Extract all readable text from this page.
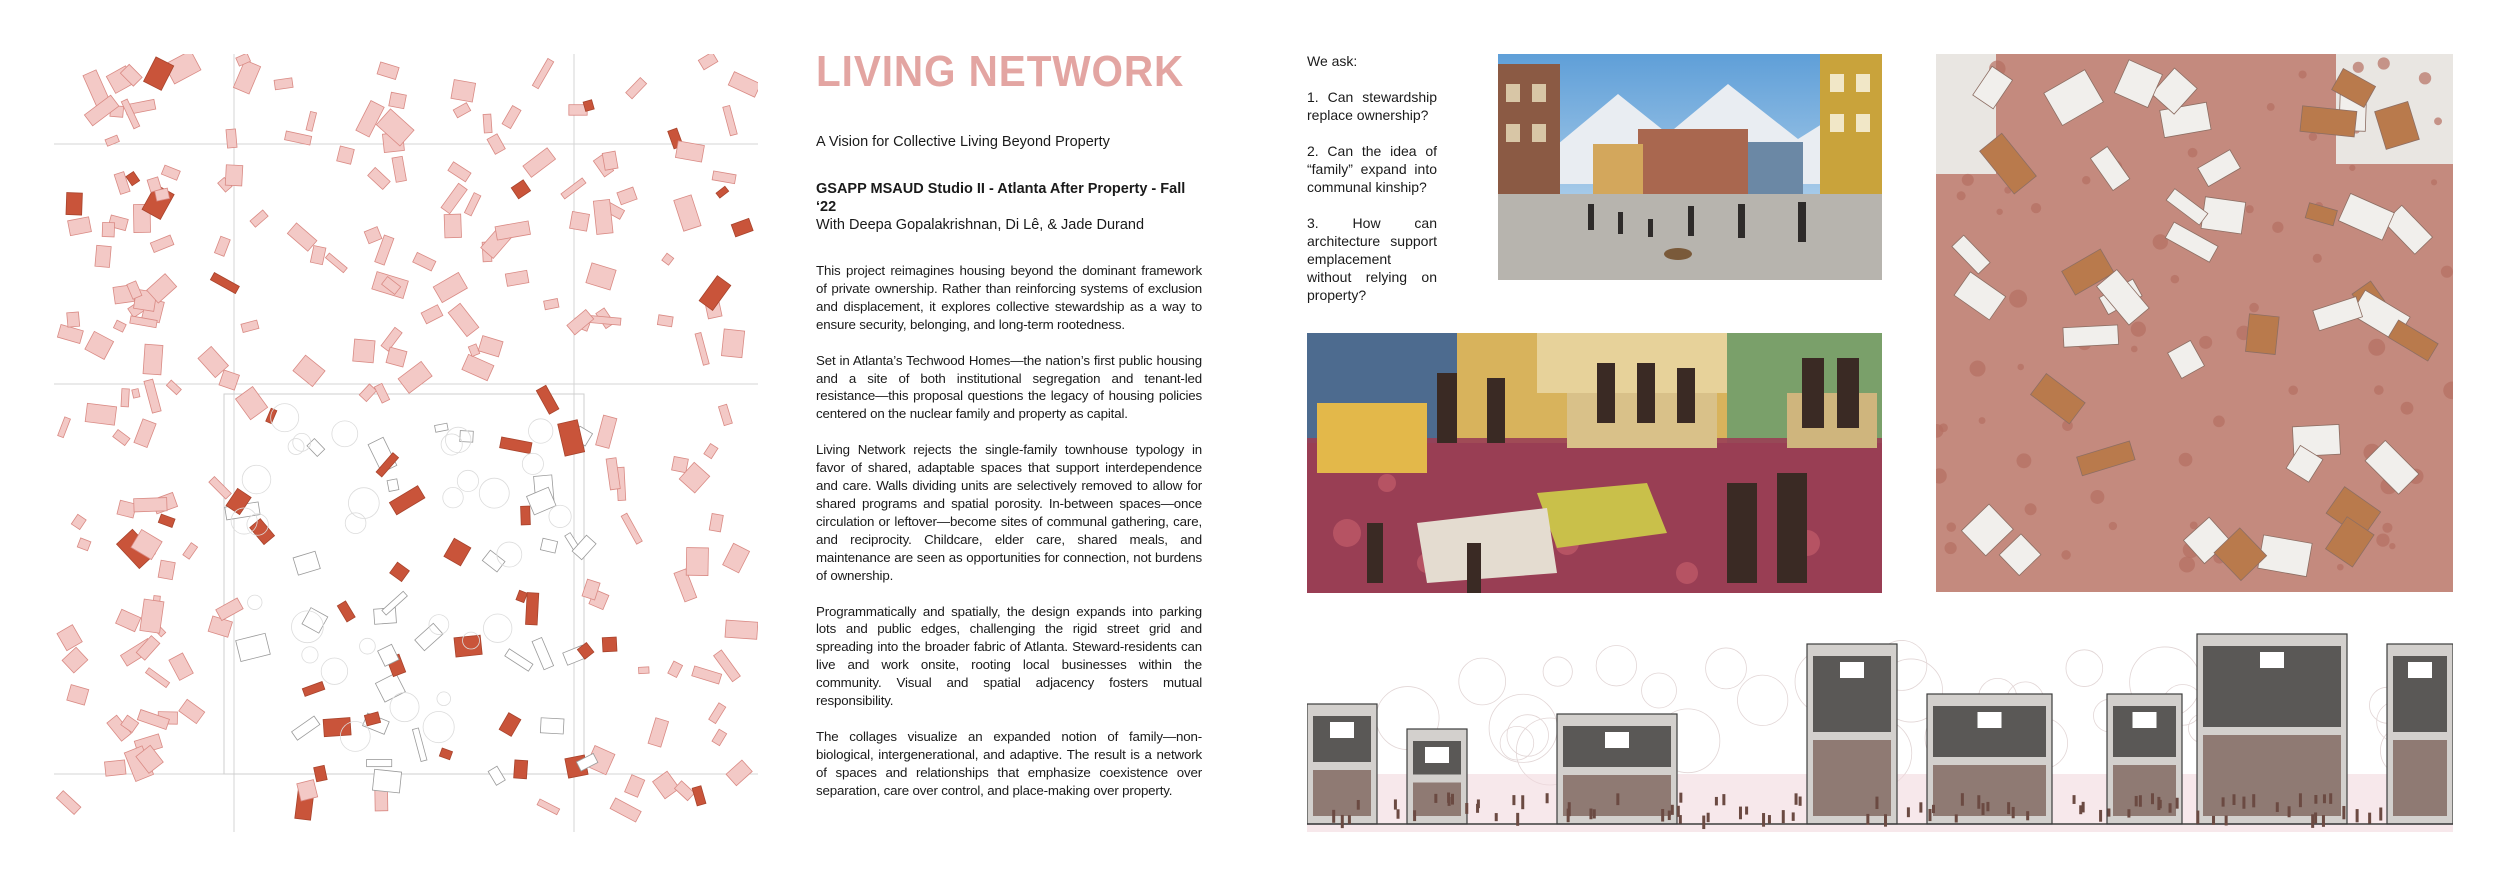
LIVING NETWORK
A Vision for Collective Living Beyond Property
GSAPP MSAUD Studio II - Atlanta After Property - Fall ‘22
With Deepa Gopalakrishnan, Di Lê, & Jade Durand

This project reimagines housing beyond the dominant framework of private ownership. Rather than reinforcing systems of exclusion and displacement, it explores collective stewardship as a way to ensure security, belonging, and long-term rootedness.

Set in Atlanta’s Techwood Homes—the nation’s first public housing and a site of both institutional segregation and tenant-led resistance—this proposal questions the legacy of housing policies centered on the nuclear family and property as capital.

Living Network rejects the single-family townhouse typology in favor of shared, adaptable spaces that support interdependence and care. Walls dividing units are selectively removed to allow for shared programs and spatial porosity. In-between spaces—once circulation or leftover—become sites of communal gathering, care, and reciprocity. Childcare, elder care, shared meals, and maintenance are seen as opportunities for connection, not burdens of ownership.

Programmatically and spatially, the design expands into parking lots and public edges, challenging the rigid street grid and spreading into the broader fabric of Atlanta. Steward-residents can live and work onsite, rooting local businesses within the community. Visual and spatial adjacency fosters mutual responsibility.

The collages visualize an expanded notion of family—non-biological, intergenerational, and adaptive. The result is a network of spaces and relationships that emphasize coexistence over separation, care over control, and place-making over property.

We ask:
1. Can stewardship replace ownership?
2. Can the idea of “family” expand into communal kinship?
3. How can architecture support emplacement without relying on property?
